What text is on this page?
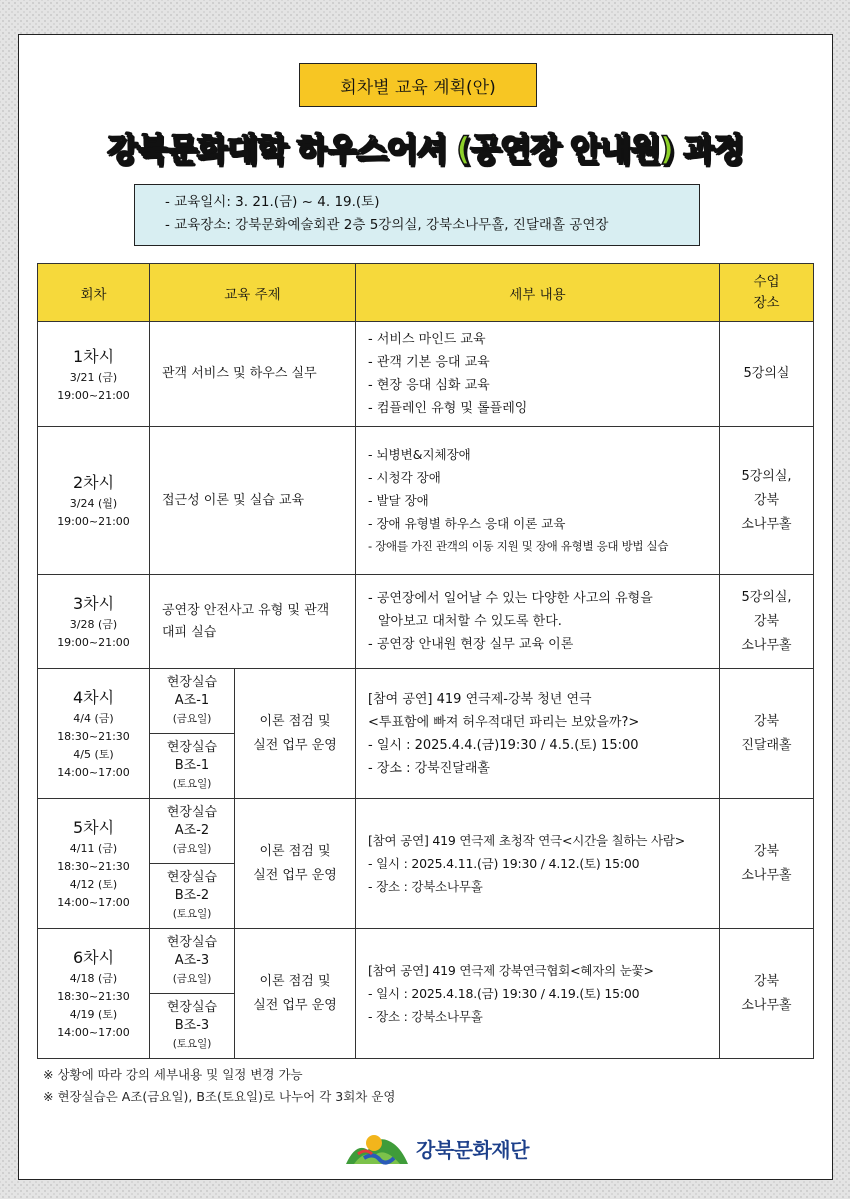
회차별 교육 계획(안)
강북문화대학 하우스어셔 (공연장 안내원) 과정
- 교육일시: 3. 21.(금) ~ 4. 19.(토)
- 교육장소: 강북문화예술회관 2층 5강의실, 강북소나무홀, 진달래홀 공연장
회차	교육 주제		세부 내용	수업
장소

1차시
3/21 (금)
19:00~21:00	관객 서비스 및 하우스 실무		- 서비스 마인드 교육
- 관객 기본 응대 교육
- 현장 응대 심화 교육
- 컴플레인 유형 및 롤플레잉	5강의실

2차시
3/24 (월)
19:00~21:00	접근성 이론 및 실습 교육		- 뇌병변&지체장애
- 시청각 장애
- 발달 장애
- 장애 유형별 하우스 응대 이론 교육
- 장애를 가진 관객의 이동 지원 및 장애 유형별 응대 방법 실습	5강의실,
강북
소나무홀

3차시
3/28 (금)
19:00~21:00	공연장 안전사고 유형 및 관객
대피 실습		- 공연장에서 일어날 수 있는 다양한 사고의 유형을
알아보고 대처할 수 있도록 한다.
- 공연장 안내원 현장 실무 교육 이론	5강의실,
강북
소나무홀

4차시
4/4 (금)
18:30~21:30
4/5 (토)
14:00~17:00	현장실습
A조-1
(금요일)	이론 점검 및
실전 업무 운영	[참여 공연] 419 연극제-강북 청년 연극
<투표함에 빠져 허우적대던 파리는 보았을까?>
- 일시 : 2025.4.4.(금)19:30 / 4.5.(토) 15:00
- 장소 : 강북진달래홀	강북
진달래홀

	현장실습
B조-1
(토요일)			

5차시
4/11 (금)
18:30~21:30
4/12 (토)
14:00~17:00	현장실습
A조-2
(금요일)	이론 점검 및
실전 업무 운영	[참여 공연] 419 연극제 초청작 연극<시간을 칠하는 사람>
- 일시 : 2025.4.11.(금) 19:30 / 4.12.(토) 15:00
- 장소 : 강북소나무홀	강북
소나무홀

	현장실습
B조-2
(토요일)			

6차시
4/18 (금)
18:30~21:30
4/19 (토)
14:00~17:00	현장실습
A조-3
(금요일)	이론 점검 및
실전 업무 운영	[참여 공연] 419 연극제 강북연극협회<혜자의 눈꽃>
- 일시 : 2025.4.18.(금) 19:30 / 4.19.(토) 15:00
- 장소 : 강북소나무홀	강북
소나무홀

	현장실습
B조-3
(토요일)			
※ 상황에 따라 강의 세부내용 및 일정 변경 가능
※ 현장실습은 A조(금요일), B조(토요일)로 나누어 각 3회차 운영
강북문화재단
